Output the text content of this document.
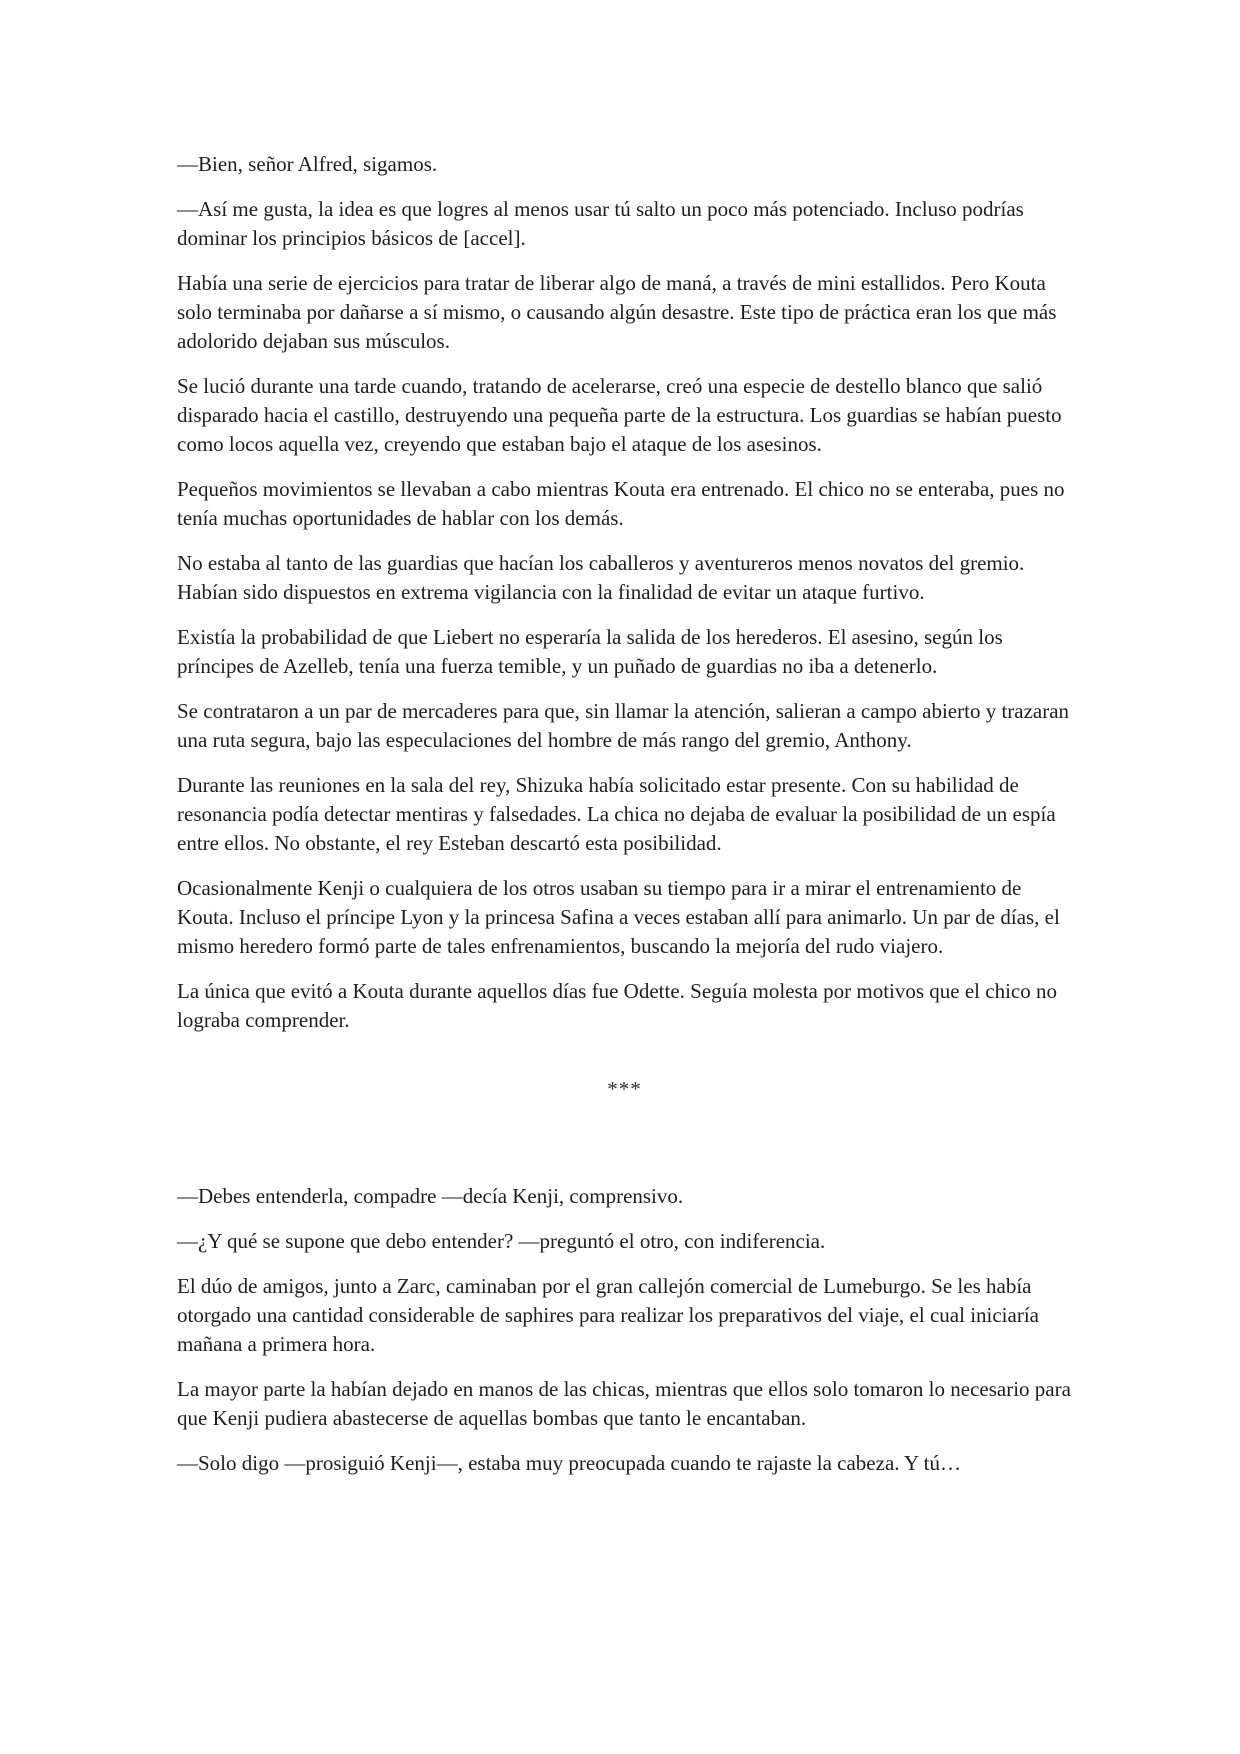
—Bien, señor Alfred, sigamos.

—Así me gusta, la idea es que logres al menos usar tú salto un poco más potenciado. Incluso podrías dominar los principios básicos de [accel].

Había una serie de ejercicios para tratar de liberar algo de maná, a través de mini estallidos. Pero Kouta solo terminaba por dañarse a sí mismo, o causando algún desastre. Este tipo de práctica eran los que más adolorido dejaban sus músculos.

Se lució durante una tarde cuando, tratando de acelerarse, creó una especie de destello blanco que salió disparado hacia el castillo, destruyendo una pequeña parte de la estructura. Los guardias se habían puesto como locos aquella vez, creyendo que estaban bajo el ataque de los asesinos.

Pequeños movimientos se llevaban a cabo mientras Kouta era entrenado. El chico no se enteraba, pues no tenía muchas oportunidades de hablar con los demás.

No estaba al tanto de las guardias que hacían los caballeros y aventureros menos novatos del gremio. Habían sido dispuestos en extrema vigilancia con la finalidad de evitar un ataque furtivo.

Existía la probabilidad de que Liebert no esperaría la salida de los herederos. El asesino, según los príncipes de Azelleb, tenía una fuerza temible, y un puñado de guardias no iba a detenerlo.

Se contrataron a un par de mercaderes para que, sin llamar la atención, salieran a campo abierto y trazaran una ruta segura, bajo las especulaciones del hombre de más rango del gremio, Anthony.

Durante las reuniones en la sala del rey, Shizuka había solicitado estar presente. Con su habilidad de resonancia podía detectar mentiras y falsedades. La chica no dejaba de evaluar la posibilidad de un espía entre ellos. No obstante, el rey Esteban descartó esta posibilidad.

Ocasionalmente Kenji o cualquiera de los otros usaban su tiempo para ir a mirar el entrenamiento de Kouta. Incluso el príncipe Lyon y la princesa Safina a veces estaban allí para animarlo. Un par de días, el mismo heredero formó parte de tales enfrenamientos, buscando la mejoría del rudo viajero.

La única que evitó a Kouta durante aquellos días fue Odette. Seguía molesta por motivos que el chico no lograba comprender.

***

—Debes entenderla, compadre —decía Kenji, comprensivo.

—¿Y qué se supone que debo entender? —preguntó el otro, con indiferencia.

El dúo de amigos, junto a Zarc, caminaban por el gran callejón comercial de Lumeburgo. Se les había otorgado una cantidad considerable de saphires para realizar los preparativos del viaje, el cual iniciaría mañana a primera hora.

La mayor parte la habían dejado en manos de las chicas, mientras que ellos solo tomaron lo necesario para que Kenji pudiera abastecerse de aquellas bombas que tanto le encantaban.

—Solo digo —prosiguió Kenji—, estaba muy preocupada cuando te rajaste la cabeza. Y tú…
